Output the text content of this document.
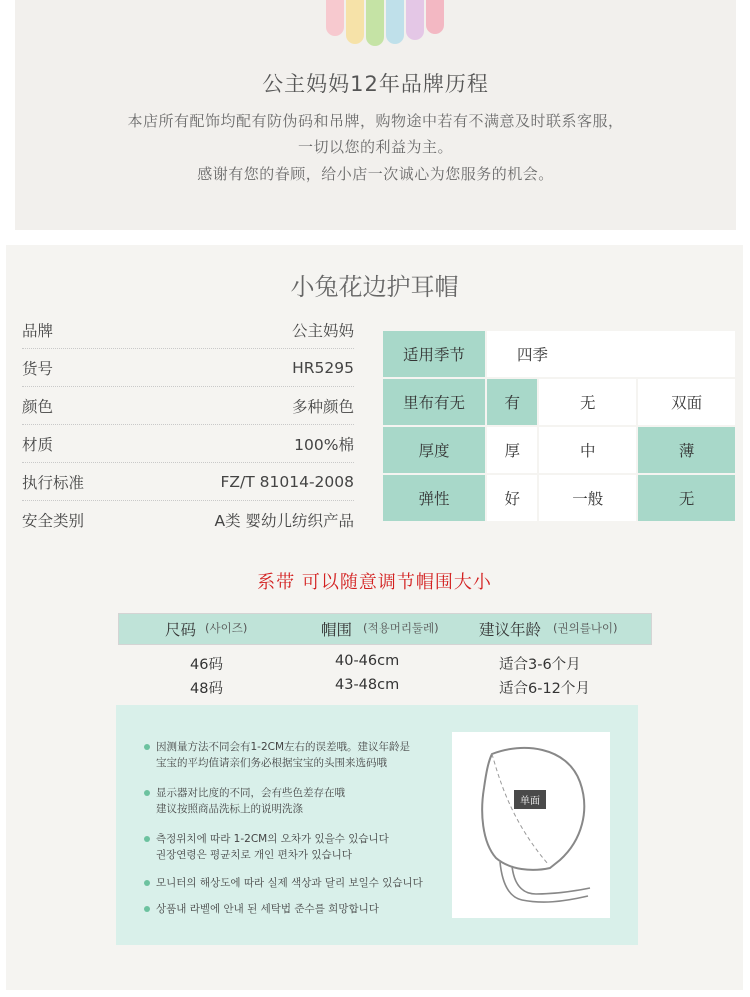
公主妈妈12年品牌历程
本店所有配饰均配有防伪码和吊牌，购物途中若有不满意及时联系客服，
一切以您的利益为主。
感谢有您的眷顾，给小店一次诚心为您服务的机会。
小兔花边护耳帽
品牌	公主妈妈
货号	HR5295
颜色	多种颜色
材质	100%棉
执行标准	FZ/T 81014-2008
安全类别	A类 婴幼儿纺织产品
适用季节	四季		
里布有无	有	无	双面
厚度	厚	中	薄
弹性	好	一般	无
系带 可以随意调节帽围大小
尺码 (사이즈)	帽围 (적용머리둘레)	建议年龄 (권의를나이)
46码	40-46cm	适合3-6个月
48码	43-48cm	适合6-12个月
因测量方法不同会有1-2CM左右的误差哦。建议年龄是
宝宝的平均值请亲们务必根据宝宝的头围来选码哦
显示器对比度的不同，会有些色差存在哦
建议按照商品洗标上的说明洗涤
측정위치에 따라 1-2CM의 오차가 있을수 있습니다
권장연령은 평균치로 개인 편차가 있습니다
모니터의 해상도에 따라 실제 색상과 달리 보일수 있습니다
상품내 라벨에 안내 된 세탁법 준수를 희망합니다
单面
